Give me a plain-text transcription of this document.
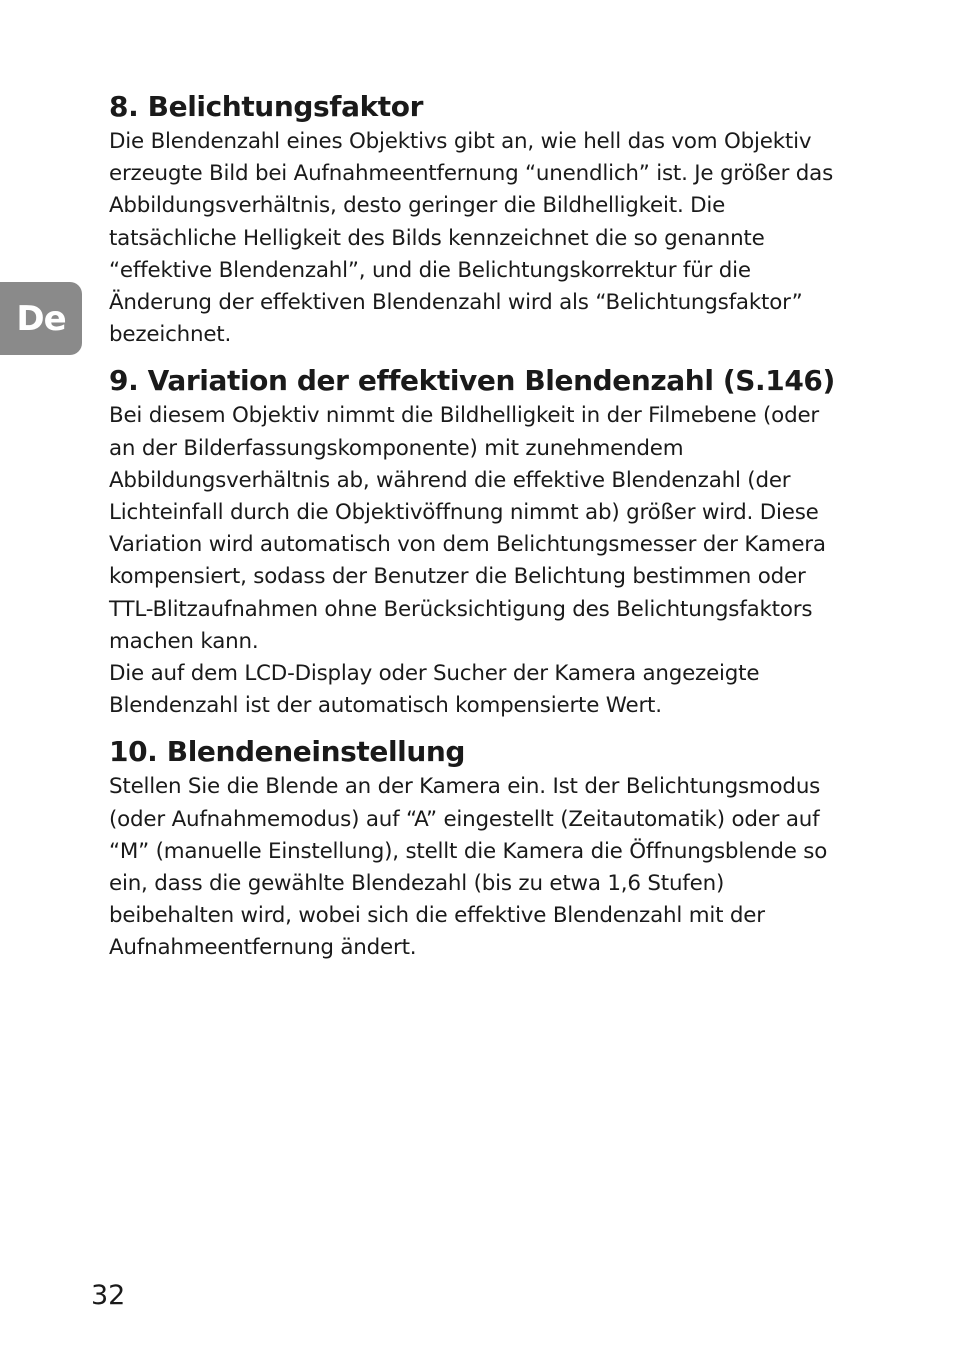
De
8. Belichtungsfaktor

Die Blendenzahl eines Objektivs gibt an, wie hell das vom Objektiv erzeugte Bild bei Aufnahmeentfernung “unendlich” ist. Je größer das Abbildungsverhältnis, desto geringer die Bildhelligkeit. Die tatsächliche Helligkeit des Bilds kennzeichnet die so genannte “effektive Blendenzahl”, und die Belichtungskorrektur für die Änderung der effektiven Blendenzahl wird als “Belichtungsfaktor” bezeichnet.

9. Variation der effektiven Blendenzahl (S.146)

Bei diesem Objektiv nimmt die Bildhelligkeit in der Filmebene (oder an der Bilderfassungskomponente) mit zunehmendem Abbildungsverhältnis ab, während die effektive Blendenzahl (der Lichteinfall durch die Objektivöffnung nimmt ab) größer wird. Diese Variation wird automatisch von dem Belichtungsmesser der Kamera kompensiert, sodass der Benutzer die Belichtung bestimmen oder TTL-Blitzaufnahmen ohne Berücksichtigung des Belichtungsfaktors machen kann.

Die auf dem LCD-Display oder Sucher der Kamera angezeigte Blendenzahl ist der automatisch kompensierte Wert.

10. Blendeneinstellung

Stellen Sie die Blende an der Kamera ein. Ist der Belichtungsmodus (oder Aufnahmemodus) auf “A” eingestellt (Zeitautomatik) oder auf “M” (manuelle Einstellung), stellt die Kamera die Öffnungsblende so ein, dass die gewählte Blendezahl (bis zu etwa 1,6 Stufen) beibehalten wird, wobei sich die effektive Blendenzahl mit der Aufnahmeentfernung ändert.

32
